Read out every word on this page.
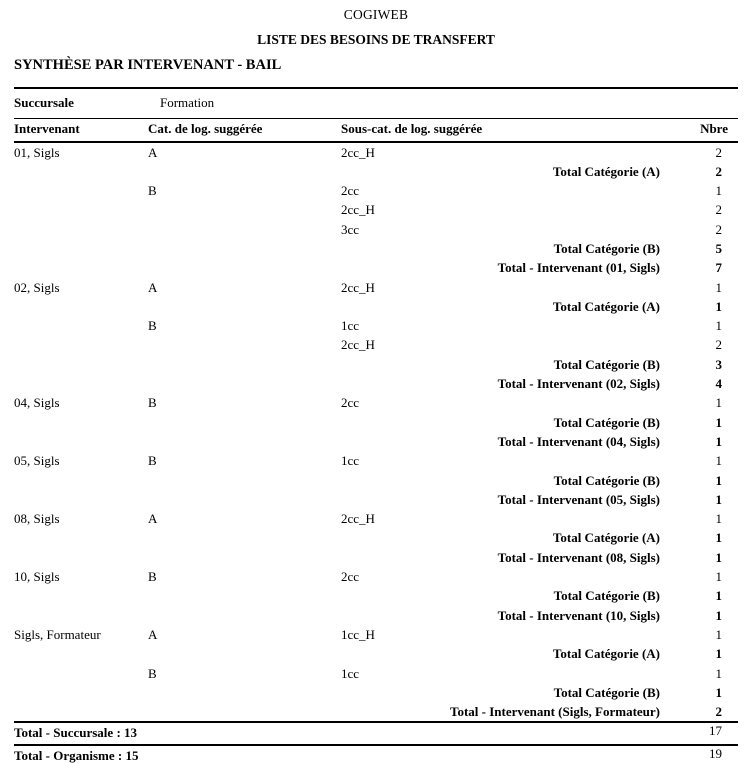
COGIWEB
LISTE DES BESOINS DE TRANSFERT
SYNTHÈSE PAR INTERVENANT - BAIL
Succursale	Formation
Intervenant	Cat. de log. suggérée	Sous-cat. de log. suggérée	Nbre
01, Sigls	A	2cc_H	2
Total Catégorie (A)	2
B	2cc	1
2cc_H	2
3cc	2
Total Catégorie (B)	5
Total - Intervenant (01, Sigls)	7
02, Sigls	A	2cc_H	1
Total Catégorie (A)	1
B	1cc	1
2cc_H	2
Total Catégorie (B)	3
Total - Intervenant (02, Sigls)	4
04, Sigls	B	2cc	1
Total Catégorie (B)	1
Total - Intervenant (04, Sigls)	1
05, Sigls	B	1cc	1
Total Catégorie (B)	1
Total - Intervenant (05, Sigls)	1
08, Sigls	A	2cc_H	1
Total Catégorie (A)	1
Total - Intervenant (08, Sigls)	1
10, Sigls	B	2cc	1
Total Catégorie (B)	1
Total - Intervenant (10, Sigls)	1
Sigls, Formateur	A	1cc_H	1
Total Catégorie (A)	1
B	1cc	1
Total Catégorie (B)	1
Total - Intervenant (Sigls, Formateur)	2
Total - Succursale : 13	17
Total - Organisme : 15	19
